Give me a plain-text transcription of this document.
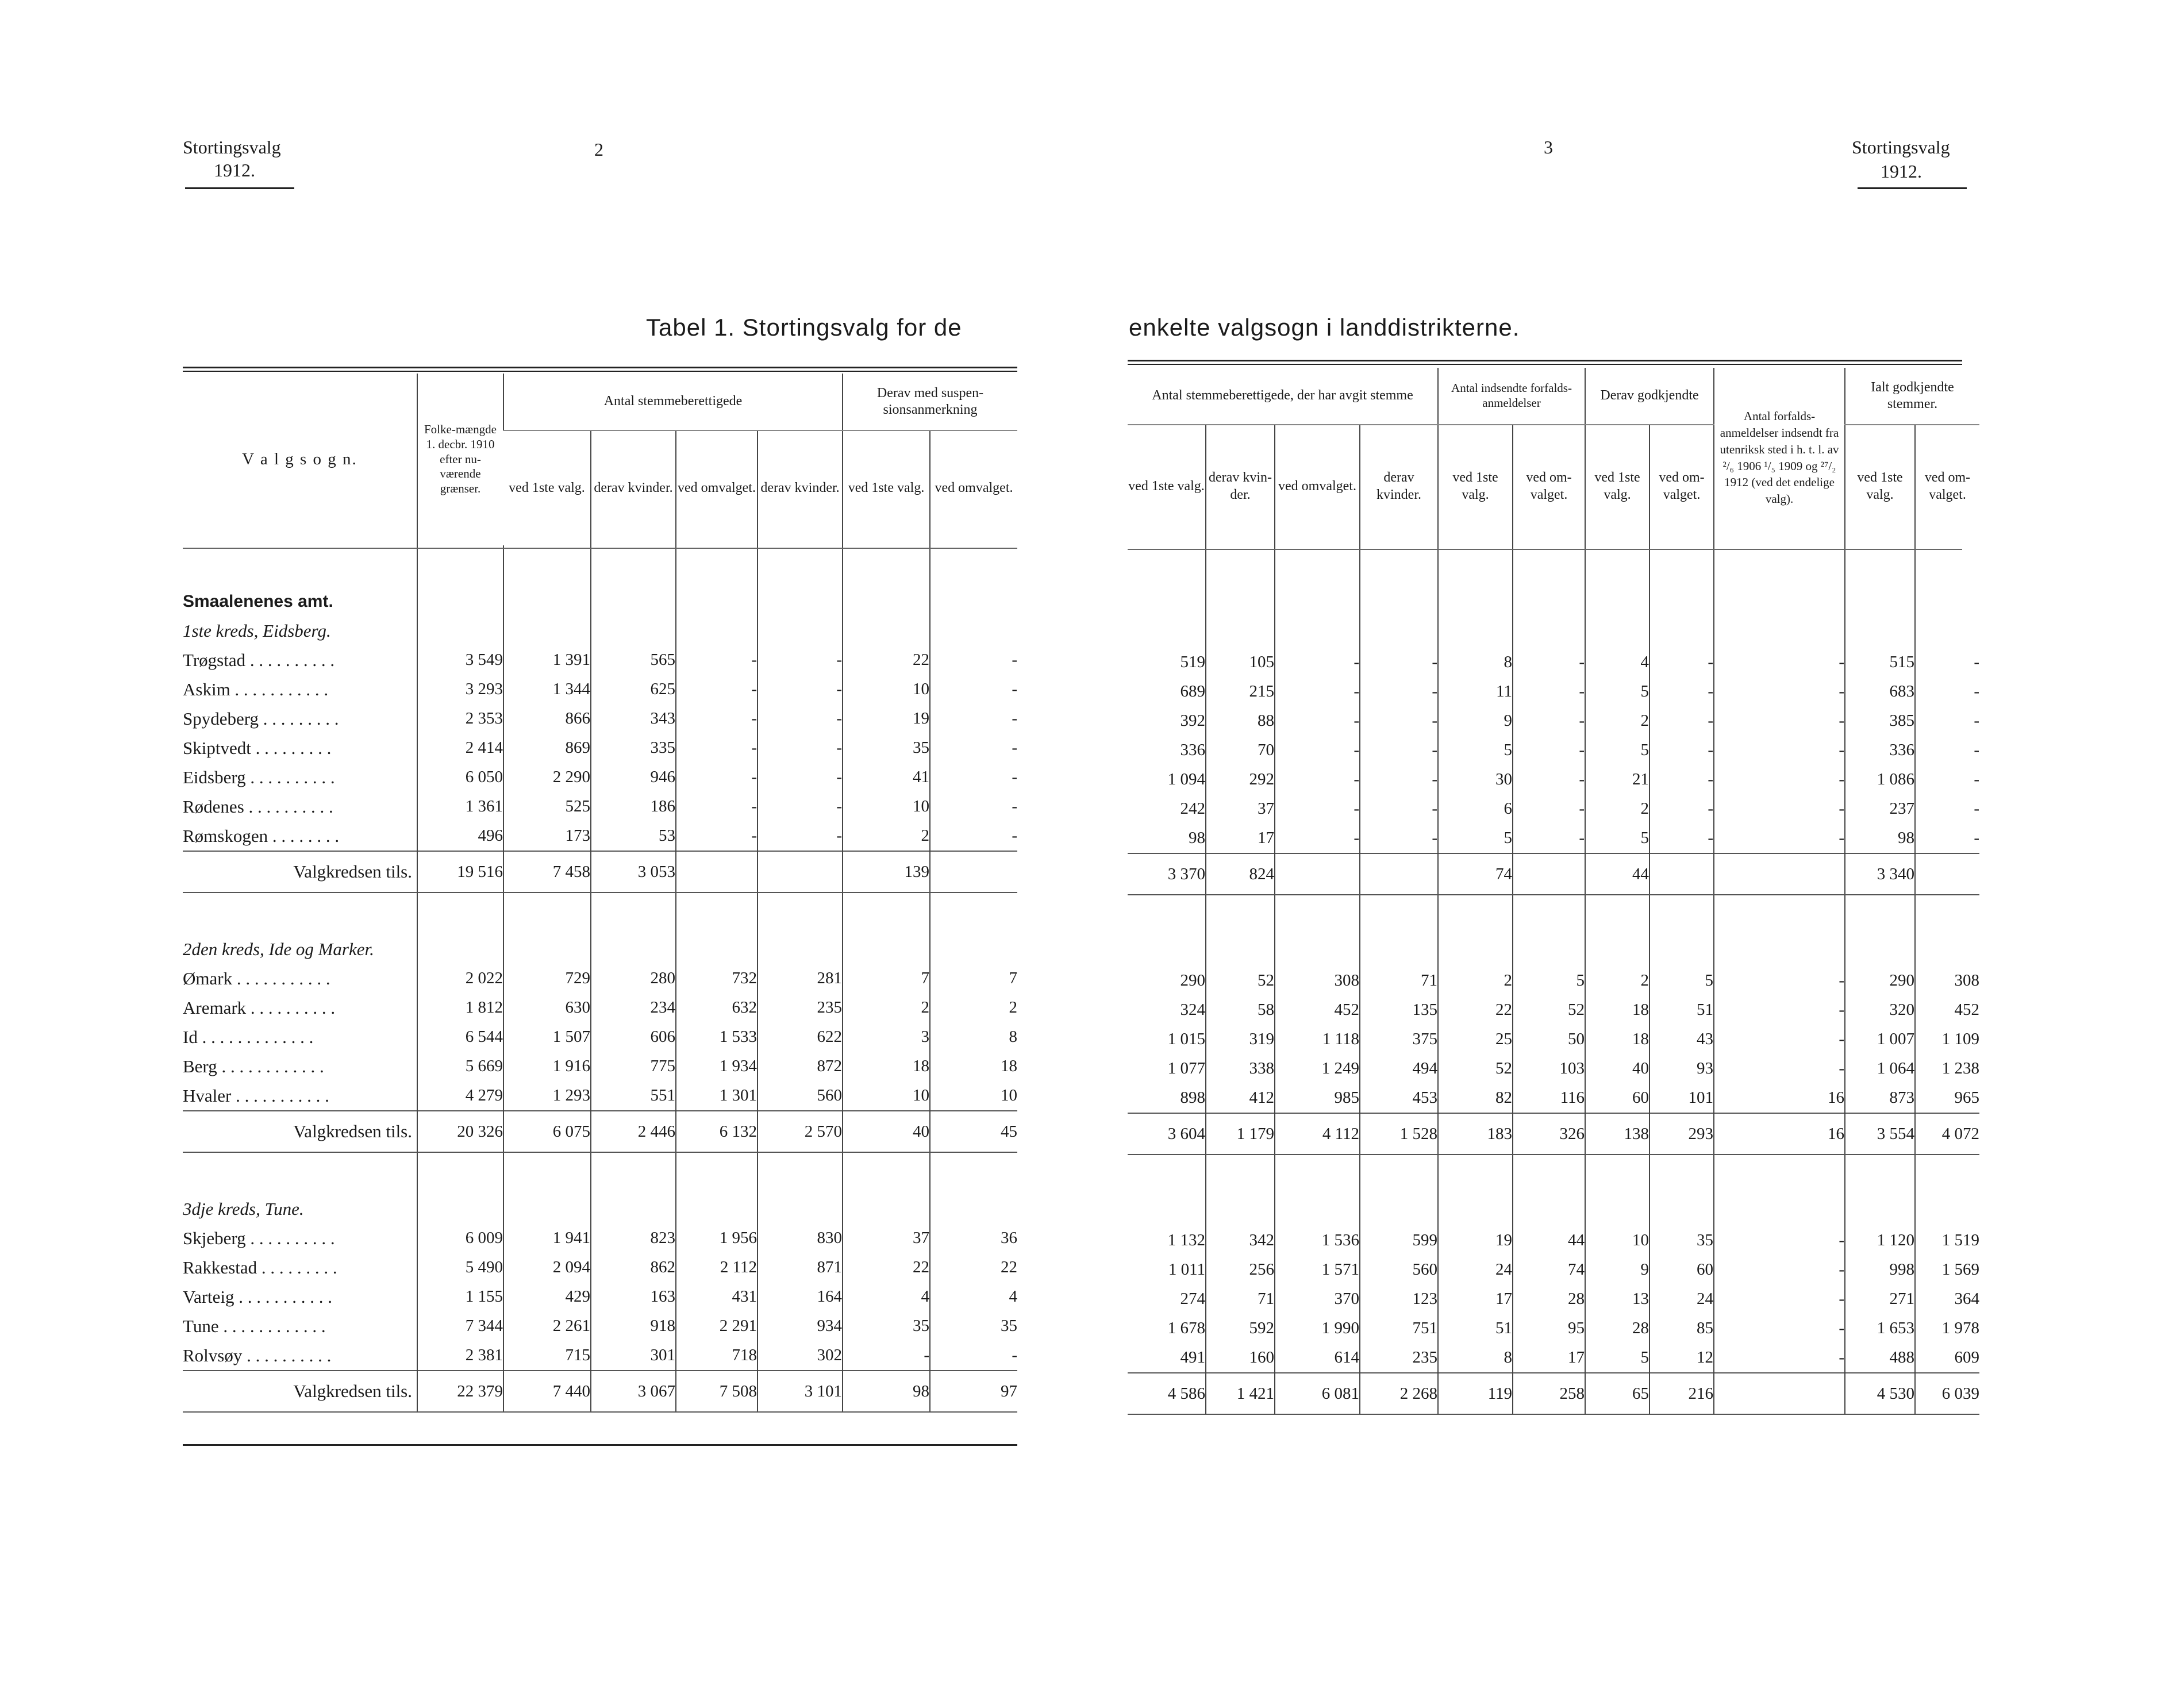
Stortingsvalg
1912.
2	3	Stortingsvalg
1912.
Tabel 1. Stortingsvalg for de	enkelte valgsogn i landdistrikterne.
V a l g s o g n.	Folke-mængde 1. decbr. 1910 efter nu-værende grænser.	Antal stemmeberettigede				Derav med suspen-sionsanmerkning	
		ved 1ste valg.	derav kvinder.	ved omvalget.	derav kvinder.	ved 1ste valg.	ved omvalget.

Smaalenenes amt.							
1ste kreds, Eidsberg.							
Trøgstad . . . . . . . . . .	3 549	1 391	565	-	-	22	-
Askim . . . . . . . . . . .	3 293	1 344	625	-	-	10	-
Spydeberg . . . . . . . . .	2 353	866	343	-	-	19	-
Skiptvedt . . . . . . . . .	2 414	869	335	-	-	35	-
Eidsberg . . . . . . . . . .	6 050	2 290	946	-	-	41	-
Rødenes . . . . . . . . . .	1 361	525	186	-	-	10	-
Rømskogen . . . . . . . .	496	173	53	-	-	2	-
Valgkredsen tils.	19 516	7 458	3 053			139	

2den kreds, Ide og Marker.							
Ømark . . . . . . . . . . .	2 022	729	280	732	281	7	7
Aremark . . . . . . . . . .	1 812	630	234	632	235	2	2
Id . . . . . . . . . . . . .	6 544	1 507	606	1 533	622	3	8
Berg . . . . . . . . . . . .	5 669	1 916	775	1 934	872	18	18
Hvaler . . . . . . . . . . .	4 279	1 293	551	1 301	560	10	10
Valgkredsen tils.	20 326	6 075	2 446	6 132	2 570	40	45

3dje kreds, Tune.							
Skjeberg . . . . . . . . . .	6 009	1 941	823	1 956	830	37	36
Rakkestad . . . . . . . . .	5 490	2 094	862	2 112	871	22	22
Varteig . . . . . . . . . . .	1 155	429	163	431	164	4	4
Tune . . . . . . . . . . . .	7 344	2 261	918	2 291	934	35	35
Rolvsøy . . . . . . . . . .	2 381	715	301	718	302	-	-
Valgkredsen tils.	22 379	7 440	3 067	7 508	3 101	98	97
Antal stemmeberettigede, der har avgit stemme				Antal indsendte forfalds-anmeldelser		Derav godkjendte		Antal forfalds-anmeldelser indsendt fra utenriksk sted i h. t. l. av ²/₆ 1906 ¹/₅ 1909 og ²⁷/₂ 1912 (ved det endelige valg).	Ialt godkjendte stemmer.	
ved 1ste valg.	derav kvin-der.	ved omvalget.	derav kvinder.	ved 1ste valg.	ved om-valget.	ved 1ste valg.	ved om-valget.		ved 1ste valg.	ved om-valget.

519	105	-	-	8	-	4	-	-	515	-
689	215	-	-	11	-	5	-	-	683	-
392	88	-	-	9	-	2	-	-	385	-
336	70	-	-	5	-	5	-	-	336	-
1 094	292	-	-	30	-	21	-	-	1 086	-
242	37	-	-	6	-	2	-	-	237	-
98	17	-	-	5	-	5	-	-	98	-
3 370	824			74		44			3 340	

290	52	308	71	2	5	2	5	-	290	308
324	58	452	135	22	52	18	51	-	320	452
1 015	319	1 118	375	25	50	18	43	-	1 007	1 109
1 077	338	1 249	494	52	103	40	93	-	1 064	1 238
898	412	985	453	82	116	60	101	16	873	965
3 604	1 179	4 112	1 528	183	326	138	293	16	3 554	4 072

1 132	342	1 536	599	19	44	10	35	-	1 120	1 519
1 011	256	1 571	560	24	74	9	60	-	998	1 569
274	71	370	123	17	28	13	24	-	271	364
1 678	592	1 990	751	51	95	28	85	-	1 653	1 978
491	160	614	235	8	17	5	12	-	488	609
4 586	1 421	6 081	2 268	119	258	65	216		4 530	6 039
